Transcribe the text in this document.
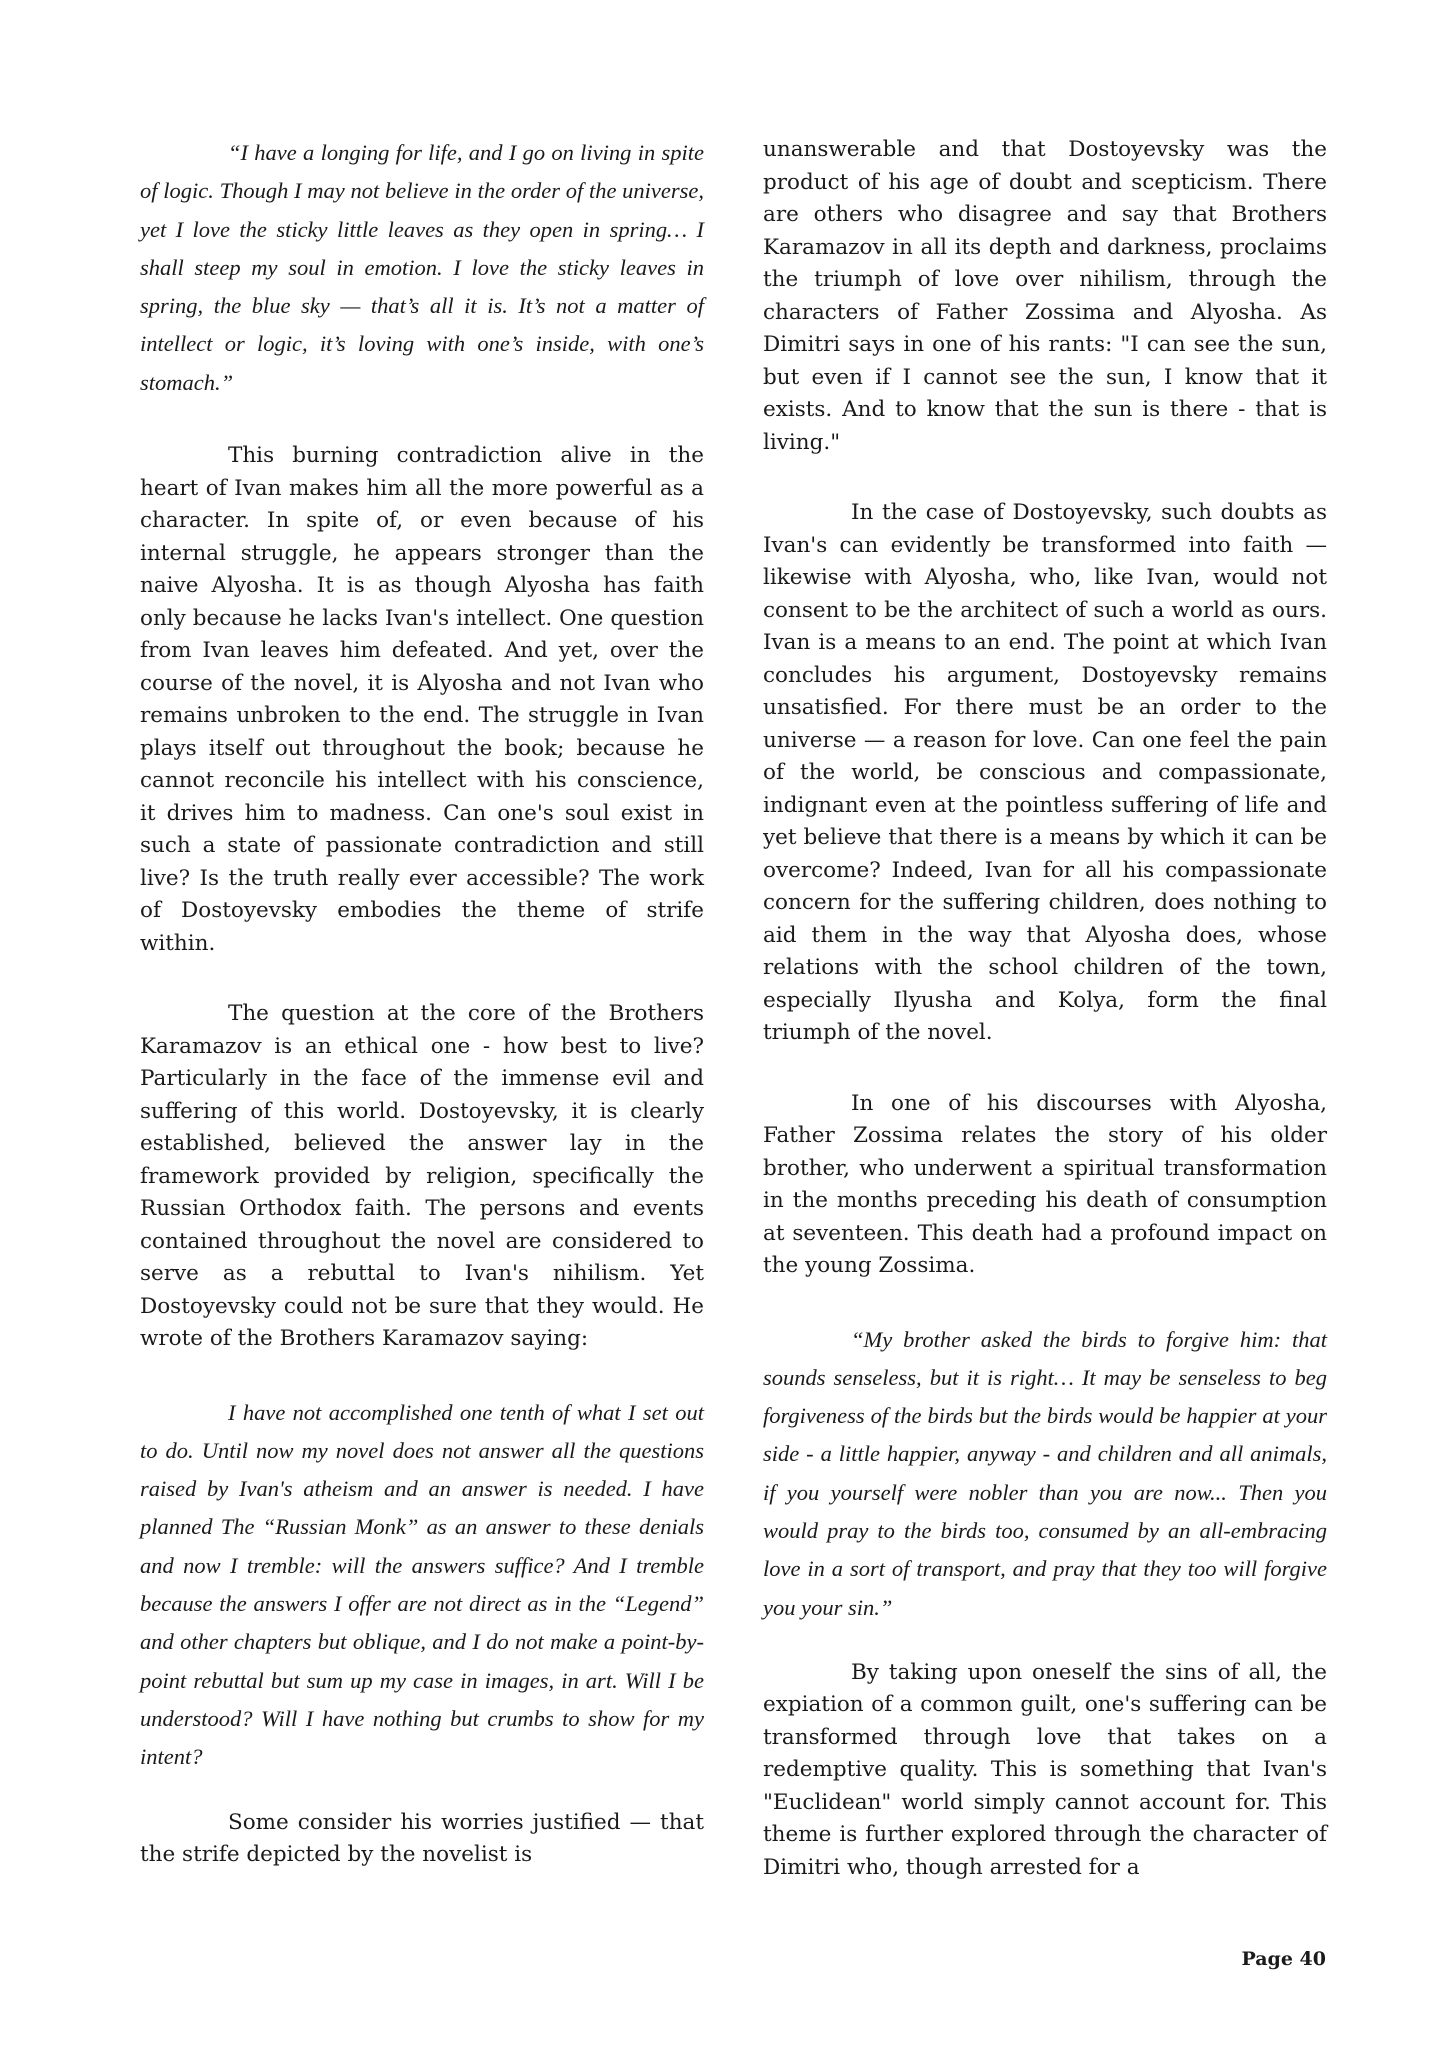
“I have a longing for life, and I go on living in spite of logic. Though I may not believe in the order of the universe, yet I love the sticky little leaves as they open in spring… I shall steep my soul in emotion. I love the sticky leaves in spring, the blue sky — that’s all it is. It’s not a matter of intellect or logic, it’s loving with one’s inside, with one’s stomach.”

This burning contradiction alive in the heart of Ivan makes him all the more powerful as a character. In spite of, or even because of his internal struggle, he appears stronger than the naive Alyosha. It is as though Alyosha has faith only because he lacks Ivan's intellect. One question from Ivan leaves him defeated. And yet, over the course of the novel, it is Alyosha and not Ivan who remains unbroken to the end. The struggle in Ivan plays itself out throughout the book; because he cannot reconcile his intellect with his conscience, it drives him to madness. Can one's soul exist in such a state of passionate contradiction and still live? Is the truth really ever accessible? The work of Dostoyevsky embodies the theme of strife within.

The question at the core of the Brothers Karamazov is an ethical one - how best to live? Particularly in the face of the immense evil and suffering of this world. Dostoyevsky, it is clearly established, believed the answer lay in the framework provided by religion, specifically the Russian Orthodox faith. The persons and events contained throughout the novel are considered to serve as a rebuttal to Ivan's nihilism. Yet Dostoyevsky could not be sure that they would. He wrote of the Brothers Karamazov saying:

I have not accomplished one tenth of what I set out to do. Until now my novel does not answer all the questions raised by Ivan's atheism and an answer is needed. I have planned The “Russian Monk” as an answer to these denials and now I tremble: will the answers suffice? And I tremble because the answers I offer are not direct as in the “Legend” and other chapters but oblique, and I do not make a point-by-point rebuttal but sum up my case in images, in art. Will I be understood? Will I have nothing but crumbs to show for my intent?

Some consider his worries justified — that the strife depicted by the novelist is

unanswerable and that Dostoyevsky was the product of his age of doubt and scepticism. There are others who disagree and say that Brothers Karamazov in all its depth and darkness, proclaims the triumph of love over nihilism, through the characters of Father Zossima and Alyosha. As Dimitri says in one of his rants: "I can see the sun, but even if I cannot see the sun, I know that it exists. And to know that the sun is there - that is living."

In the case of Dostoyevsky, such doubts as Ivan's can evidently be transformed into faith — likewise with Alyosha, who, like Ivan, would not consent to be the architect of such a world as ours. Ivan is a means to an end. The point at which Ivan concludes his argument, Dostoyevsky remains unsatisfied. For there must be an order to the universe — a reason for love. Can one feel the pain of the world, be conscious and compassionate, indignant even at the pointless suffering of life and yet believe that there is a means by which it can be overcome? Indeed, Ivan for all his compassionate concern for the suffering children, does nothing to aid them in the way that Alyosha does, whose relations with the school children of the town, especially Ilyusha and Kolya, form the final triumph of the novel.

In one of his discourses with Alyosha, Father Zossima relates the story of his older brother, who underwent a spiritual transformation in the months preceding his death of consumption at seventeen. This death had a profound impact on the young Zossima.

“My brother asked the birds to forgive him: that sounds senseless, but it is right… It may be senseless to beg forgiveness of the birds but the birds would be happier at your side - a little happier, anyway - and children and all animals, if you yourself were nobler than you are now... Then you would pray to the birds too, consumed by an all-embracing love in a sort of transport, and pray that they too will forgive you your sin.”

By taking upon oneself the sins of all, the expiation of a common guilt, one's suffering can be transformed through love that takes on a redemptive quality. This is something that Ivan's "Euclidean" world simply cannot account for. This theme is further explored through the character of Dimitri who, though arrested for a

Page 40
